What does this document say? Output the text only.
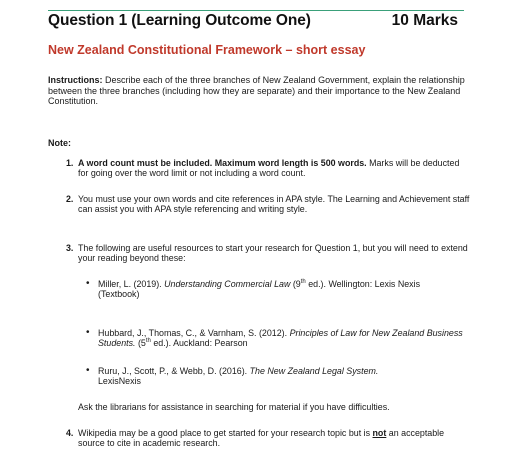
Question 1 (Learning Outcome One)	10 Marks
New Zealand Constitutional Framework – short essay
Instructions: Describe each of the three branches of New Zealand Government, explain the relationship between the three branches (including how they are separate) and their importance to the New Zealand Constitution.
Note:
1. A word count must be included. Maximum word length is 500 words. Marks will be deducted for going over the word limit or not including a word count.
2. You must use your own words and cite references in APA style. The Learning and Achievement staff can assist you with APA style referencing and writing style.
3. The following are useful resources to start your research for Question 1, but you will need to extend your reading beyond these:
• Miller, L. (2019). Understanding Commercial Law (9th ed.). Wellington: Lexis Nexis
(Textbook)
• Hubbard, J., Thomas, C., & Varnham, S. (2012). Principles of Law for New Zealand Business Students. (5th ed.). Auckland: Pearson
• Ruru, J., Scott, P., & Webb, D. (2016). The New Zealand Legal System.
LexisNexis
Ask the librarians for assistance in searching for material if you have difficulties.
4. Wikipedia may be a good place to get started for your research topic but is not an acceptable source to cite in academic research.
